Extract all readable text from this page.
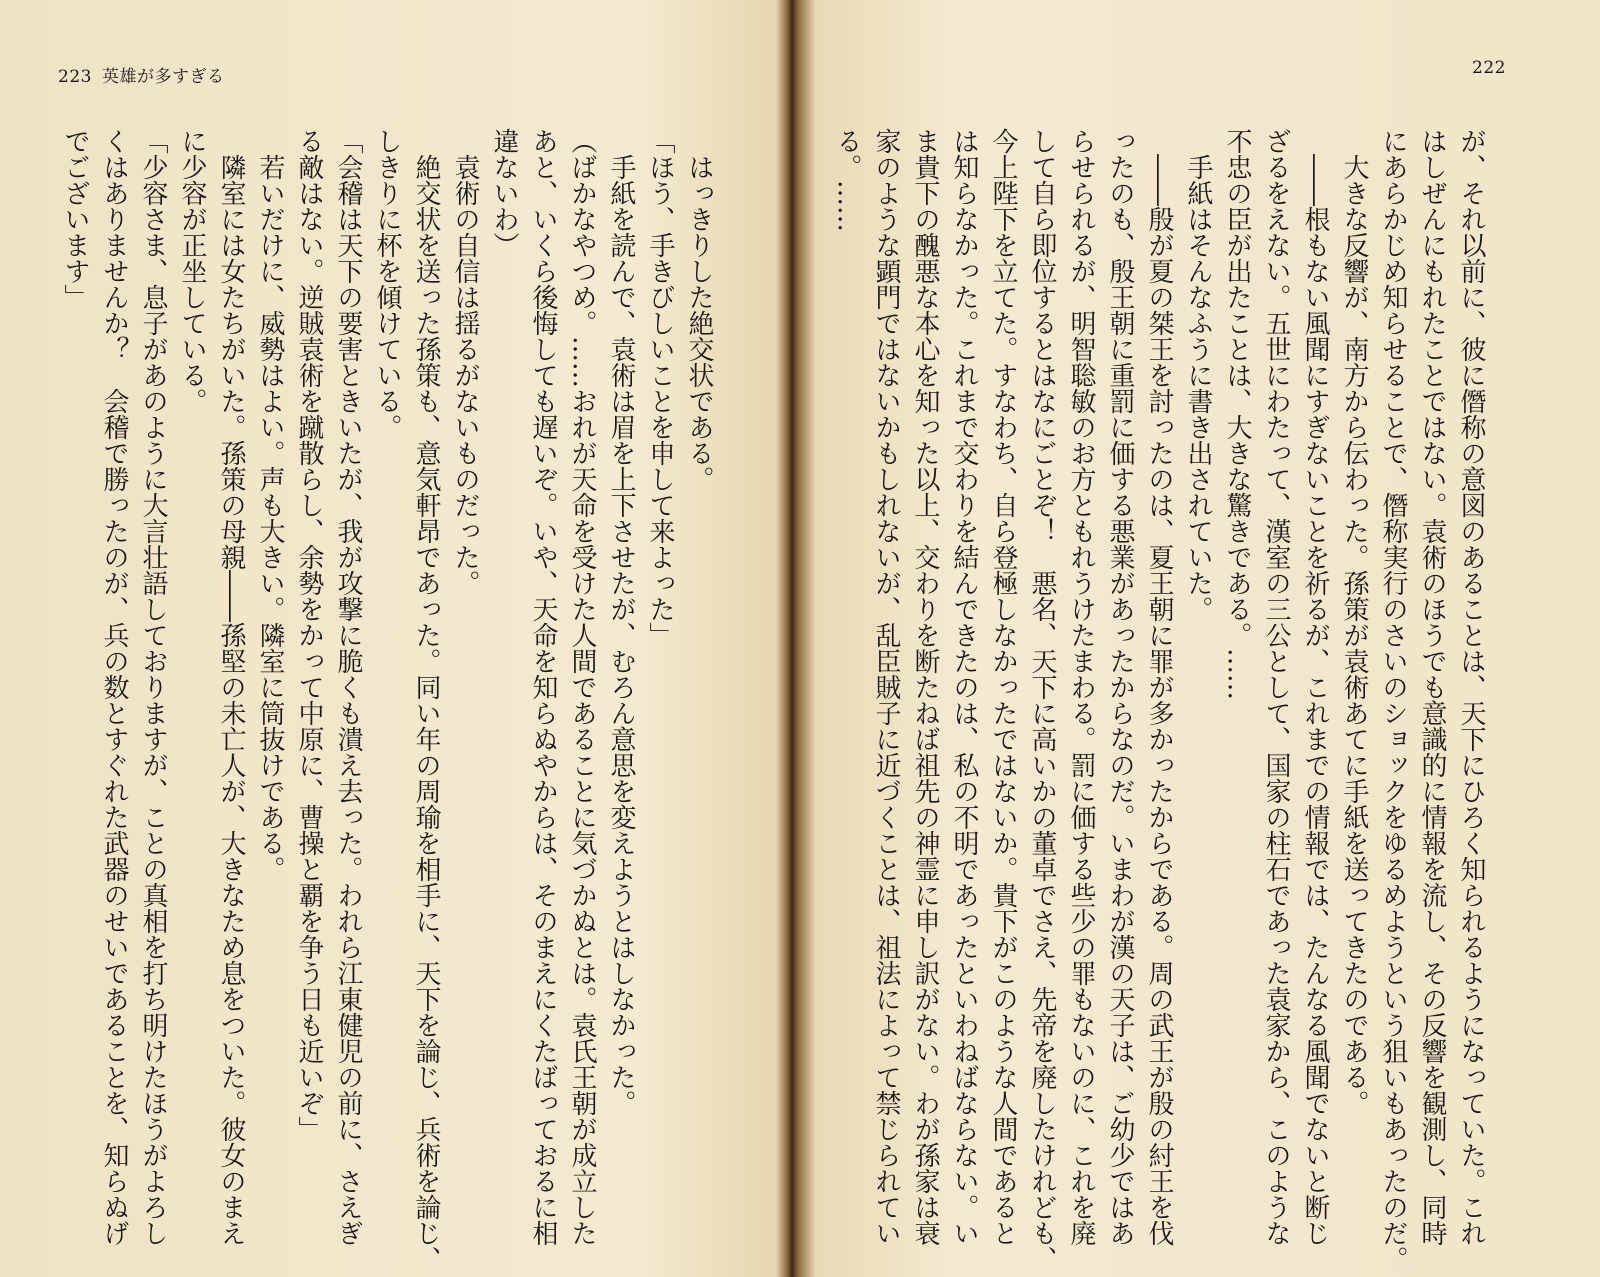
223 英雄が多すぎる
　はっきりした絶交状である。
「ほう、手きびしいことを申して来よった」
　手紙を読んで、袁術は眉を上下させたが、むろん意思を変えようとはしなかった。
（ばかなやつめ。……おれが天命を受けた人間であることに気づかぬとは。袁氏王朝が成立した
あと、いくら後悔しても遅いぞ。いや、天命を知らぬやからは、そのまえにくたばっておるに相
違ないわ）
　袁術の自信は揺るがないものだった。
　絶交状を送った孫策も、意気軒昂であった。同い年の周瑜を相手に、天下を論じ、兵術を論じ、
しきりに杯を傾けている。
「会稽は天下の要害ときいたが、我が攻撃に脆くも潰え去った。われら江東健児の前に、さえぎ
る敵はない。逆賊袁術を蹴散らし、余勢をかって中原に、曹操と覇を争う日も近いぞ」
　若いだけに、威勢はよい。声も大きい。隣室に筒抜けである。
　隣室には女たちがいた。孫策の母親――孫堅の未亡人が、大きなため息をついた。彼女のまえ
に少容が正坐している。
「少容さま、息子があのように大言壮語しておりますが、ことの真相を打ち明けたほうがよろし
くはありませんか？　会稽で勝ったのが、兵の数とすぐれた武器のせいであることを、知らぬげ
でございます」
222
が、それ以前に、彼に僭称の意図のあることは、天下にひろく知られるようになっていた。これ
はしぜんにもれたことではない。袁術のほうでも意識的に情報を流し、その反響を観測し、同時
にあらかじめ知らせることで、僭称実行のさいのショックをゆるめようという狙いもあったのだ。
　大きな反響が、南方から伝わった。孫策が袁術あてに手紙を送ってきたのである。
　――根もない風聞にすぎないことを祈るが、これまでの情報では、たんなる風聞でないと断じ
ざるをえない。五世にわたって、漢室の三公として、国家の柱石であった袁家から、このような
不忠の臣が出たことは、大きな驚きである。……
　手紙はそんなふうに書き出されていた。
　――殷が夏の桀王を討ったのは、夏王朝に罪が多かったからである。周の武王が殷の紂王を伐
ったのも、殷王朝に重罰に価する悪業があったからなのだ。いまわが漢の天子は、ご幼少ではあ
らせられるが、明智聡敏のお方ともれうけたまわる。罰に価する些少の罪もないのに、これを廃
して自ら即位するとはなにごとぞ！　悪名、天下に高いかの董卓でさえ、先帝を廃したけれども、
今上陛下を立てた。すなわち、自ら登極しなかったではないか。貴下がこのような人間であると
は知らなかった。これまで交わりを結んできたのは、私の不明であったといわねばならない。い
ま貴下の醜悪な本心を知った以上、交わりを断たねば祖先の神霊に申し訳がない。わが孫家は衰
家のような顕門ではないかもしれないが、乱臣賊子に近づくことは、祖法によって禁じられてい
る。……
